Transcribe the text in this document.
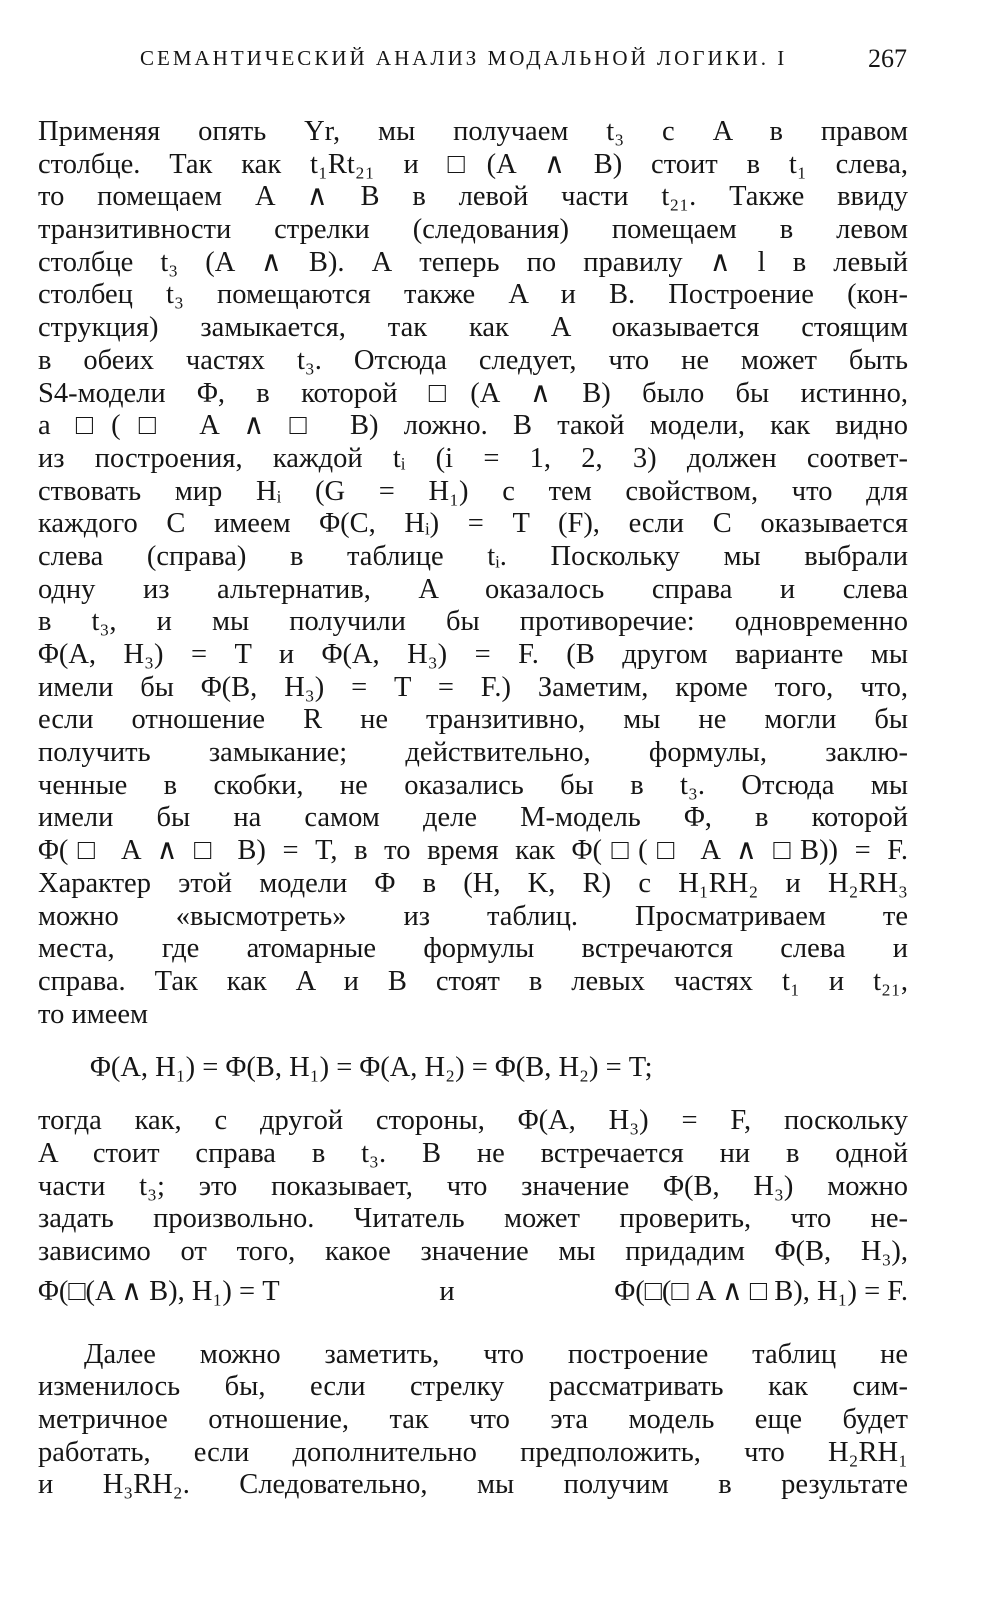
СЕМАНТИЧЕСКИЙ АНАЛИЗ МОДАЛЬНОЙ ЛОГИКИ. I	267
Применяя опять Yr, мы получаем t₃ с A в правом
столбце. Так как t₁Rt₂₁ и □(A ∧ B) стоит в t₁ слева,
то помещаем A ∧ B в левой части t₂₁. Также ввиду
транзитивности стрелки (следования) помещаем в левом
столбце t₃ (A ∧ B). А теперь по правилу ∧ l в левый
столбец t₃ помещаются также A и B. Построение (кон-
струкция) замыкается, так как A оказывается стоящим
в обеих частях t₃. Отсюда следует, что не может быть
S4-модели Φ, в которой □(A ∧ B) было бы истинно,
а □(□ A ∧ □ B) ложно. В такой модели, как видно
из построения, каждой tᵢ (i = 1, 2, 3) должен соответ-
ствовать мир Hᵢ (G = H₁) с тем свойством, что для
каждого C имеем Φ(C, Hᵢ) = T (F), если C оказывается
слева (справа) в таблице tᵢ. Поскольку мы выбрали
одну из альтернатив, A оказалось справа и слева
в t₃, и мы получили бы противоречие: одновременно
Φ(A, H₃) = T и Φ(A, H₃) = F. (В другом варианте мы
имели бы Φ(B, H₃) = T = F.) Заметим, кроме того, что,
если отношение R не транзитивно, мы не могли бы
получить замыкание; действительно, формулы, заклю-
ченные в скобки, не оказались бы в t₃. Отсюда мы
имели бы на самом деле M-модель Φ, в которой
Φ(□ A ∧ □ B) = T, в то время как Φ(□(□ A ∧ □B)) = F.
Характер этой модели Φ в (H, K, R) с H₁RH₂ и H₂RH₃
можно «высмотреть» из таблиц. Просматриваем те
места, где атомарные формулы встречаются слева и
справа. Так как A и B стоят в левых частях t₁ и t₂₁,
то имеем
Φ(A, H₁) = Φ(B, H₁) = Φ(A, H₂) = Φ(B, H₂) = T;
тогда как, с другой стороны, Φ(A, H₃) = F, поскольку
A стоит справа в t₃. B не встречается ни в одной
части t₃; это показывает, что значение Φ(B, H₃) можно
задать произвольно. Читатель может проверить, что не-
зависимо от того, какое значение мы придадим Φ(B, H₃),
Φ(□(A ∧ B), H₁) = T	и	Φ(□(□ A ∧ □ B), H₁) = F.
Далее можно заметить, что построение таблиц не
изменилось бы, если стрелку рассматривать как сим-
метричное отношение, так что эта модель еще будет
работать, если дополнительно предположить, что H₂RH₁
и H₃RH₂. Следовательно, мы получим в результате
